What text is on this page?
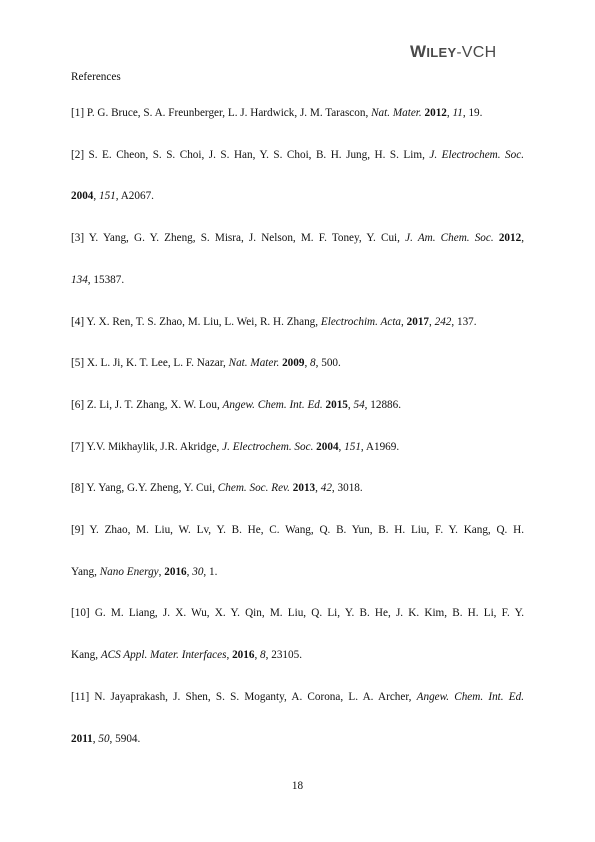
WILEY-VCH
References
[1] P. G. Bruce, S. A. Freunberger, L. J. Hardwick, J. M. Tarascon, Nat. Mater. 2012, 11, 19.
[2] S. E. Cheon, S. S. Choi, J. S. Han, Y. S. Choi, B. H. Jung, H. S. Lim, J. Electrochem. Soc.
2004, 151, A2067.
[3] Y. Yang, G. Y. Zheng, S. Misra, J. Nelson, M. F. Toney, Y. Cui, J. Am. Chem. Soc. 2012,
134, 15387.
[4] Y. X. Ren, T. S. Zhao, M. Liu, L. Wei, R. H. Zhang, Electrochim. Acta, 2017, 242, 137.
[5] X. L. Ji, K. T. Lee, L. F. Nazar, Nat. Mater. 2009, 8, 500.
[6] Z. Li, J. T. Zhang, X. W. Lou, Angew. Chem. Int. Ed. 2015, 54, 12886.
[7] Y.V. Mikhaylik, J.R. Akridge, J. Electrochem. Soc. 2004, 151, A1969.
[8] Y. Yang, G.Y. Zheng, Y. Cui, Chem. Soc. Rev. 2013, 42, 3018.
[9] Y. Zhao, M. Liu, W. Lv, Y. B. He, C. Wang, Q. B. Yun, B. H. Liu, F. Y. Kang, Q. H.
Yang, Nano Energy, 2016, 30, 1.
[10] G. M. Liang, J. X. Wu, X. Y. Qin, M. Liu, Q. Li, Y. B. He, J. K. Kim, B. H. Li, F. Y.
Kang, ACS Appl. Mater. Interfaces, 2016, 8, 23105.
[11] N. Jayaprakash, J. Shen, S. S. Moganty, A. Corona, L. A. Archer, Angew. Chem. Int. Ed.
2011, 50, 5904.
18
